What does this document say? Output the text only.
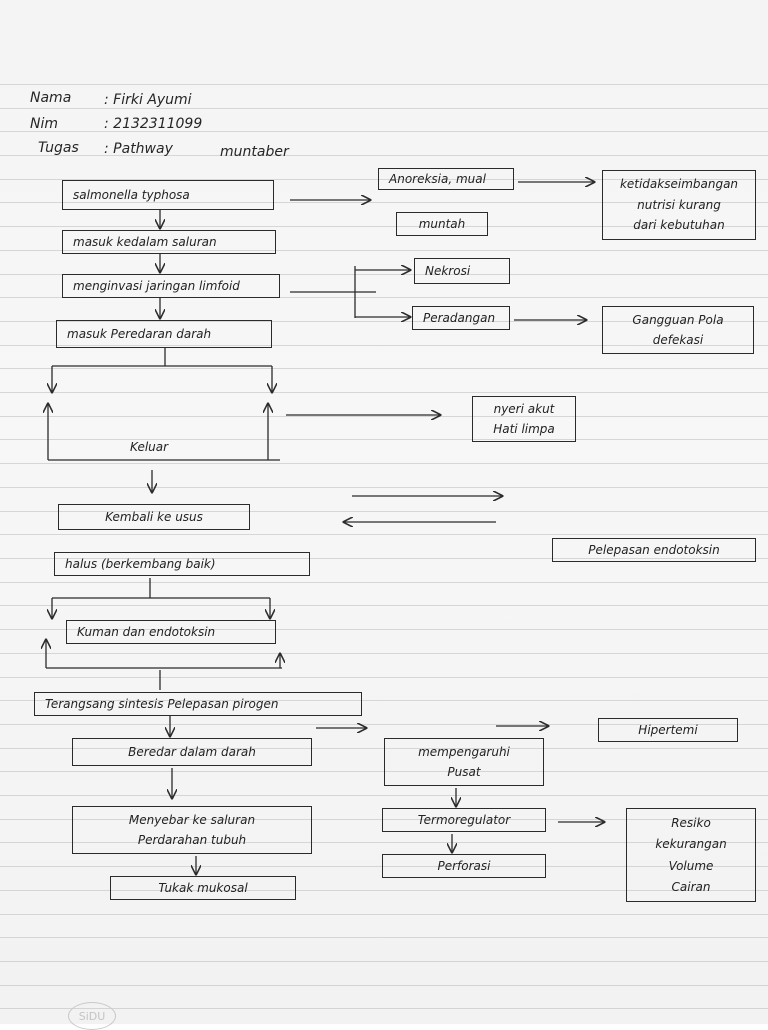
Nama : Firki Ayumi
Nim	: 2132311099
Tugas : Pathway	muntaber
salmonella typhosa
masuk kedalam saluran
menginvasi jaringan limfoid
masuk Peredaran darah
Keluar
Kembali ke usus
halus (berkembang baik)
Kuman dan endotoksin
Terangsang sintesis Pelepasan pirogen
Beredar dalam darah
Menyebar ke saluran
Perdarahan tubuh
Tukak mukosal
Anoreksia, mual
muntah
Nekrosi
Peradangan
nyeri akut
Hati limpa
Pelepasan endotoksin
Hipertemi
mempengaruhi
Pusat
Termoregulator
Perforasi
ketidakseimbangan
nutrisi kurang
dari kebutuhan
Gangguan Pola
defekasi
Resiko
kekurangan
Volume
Cairan
SiDU
